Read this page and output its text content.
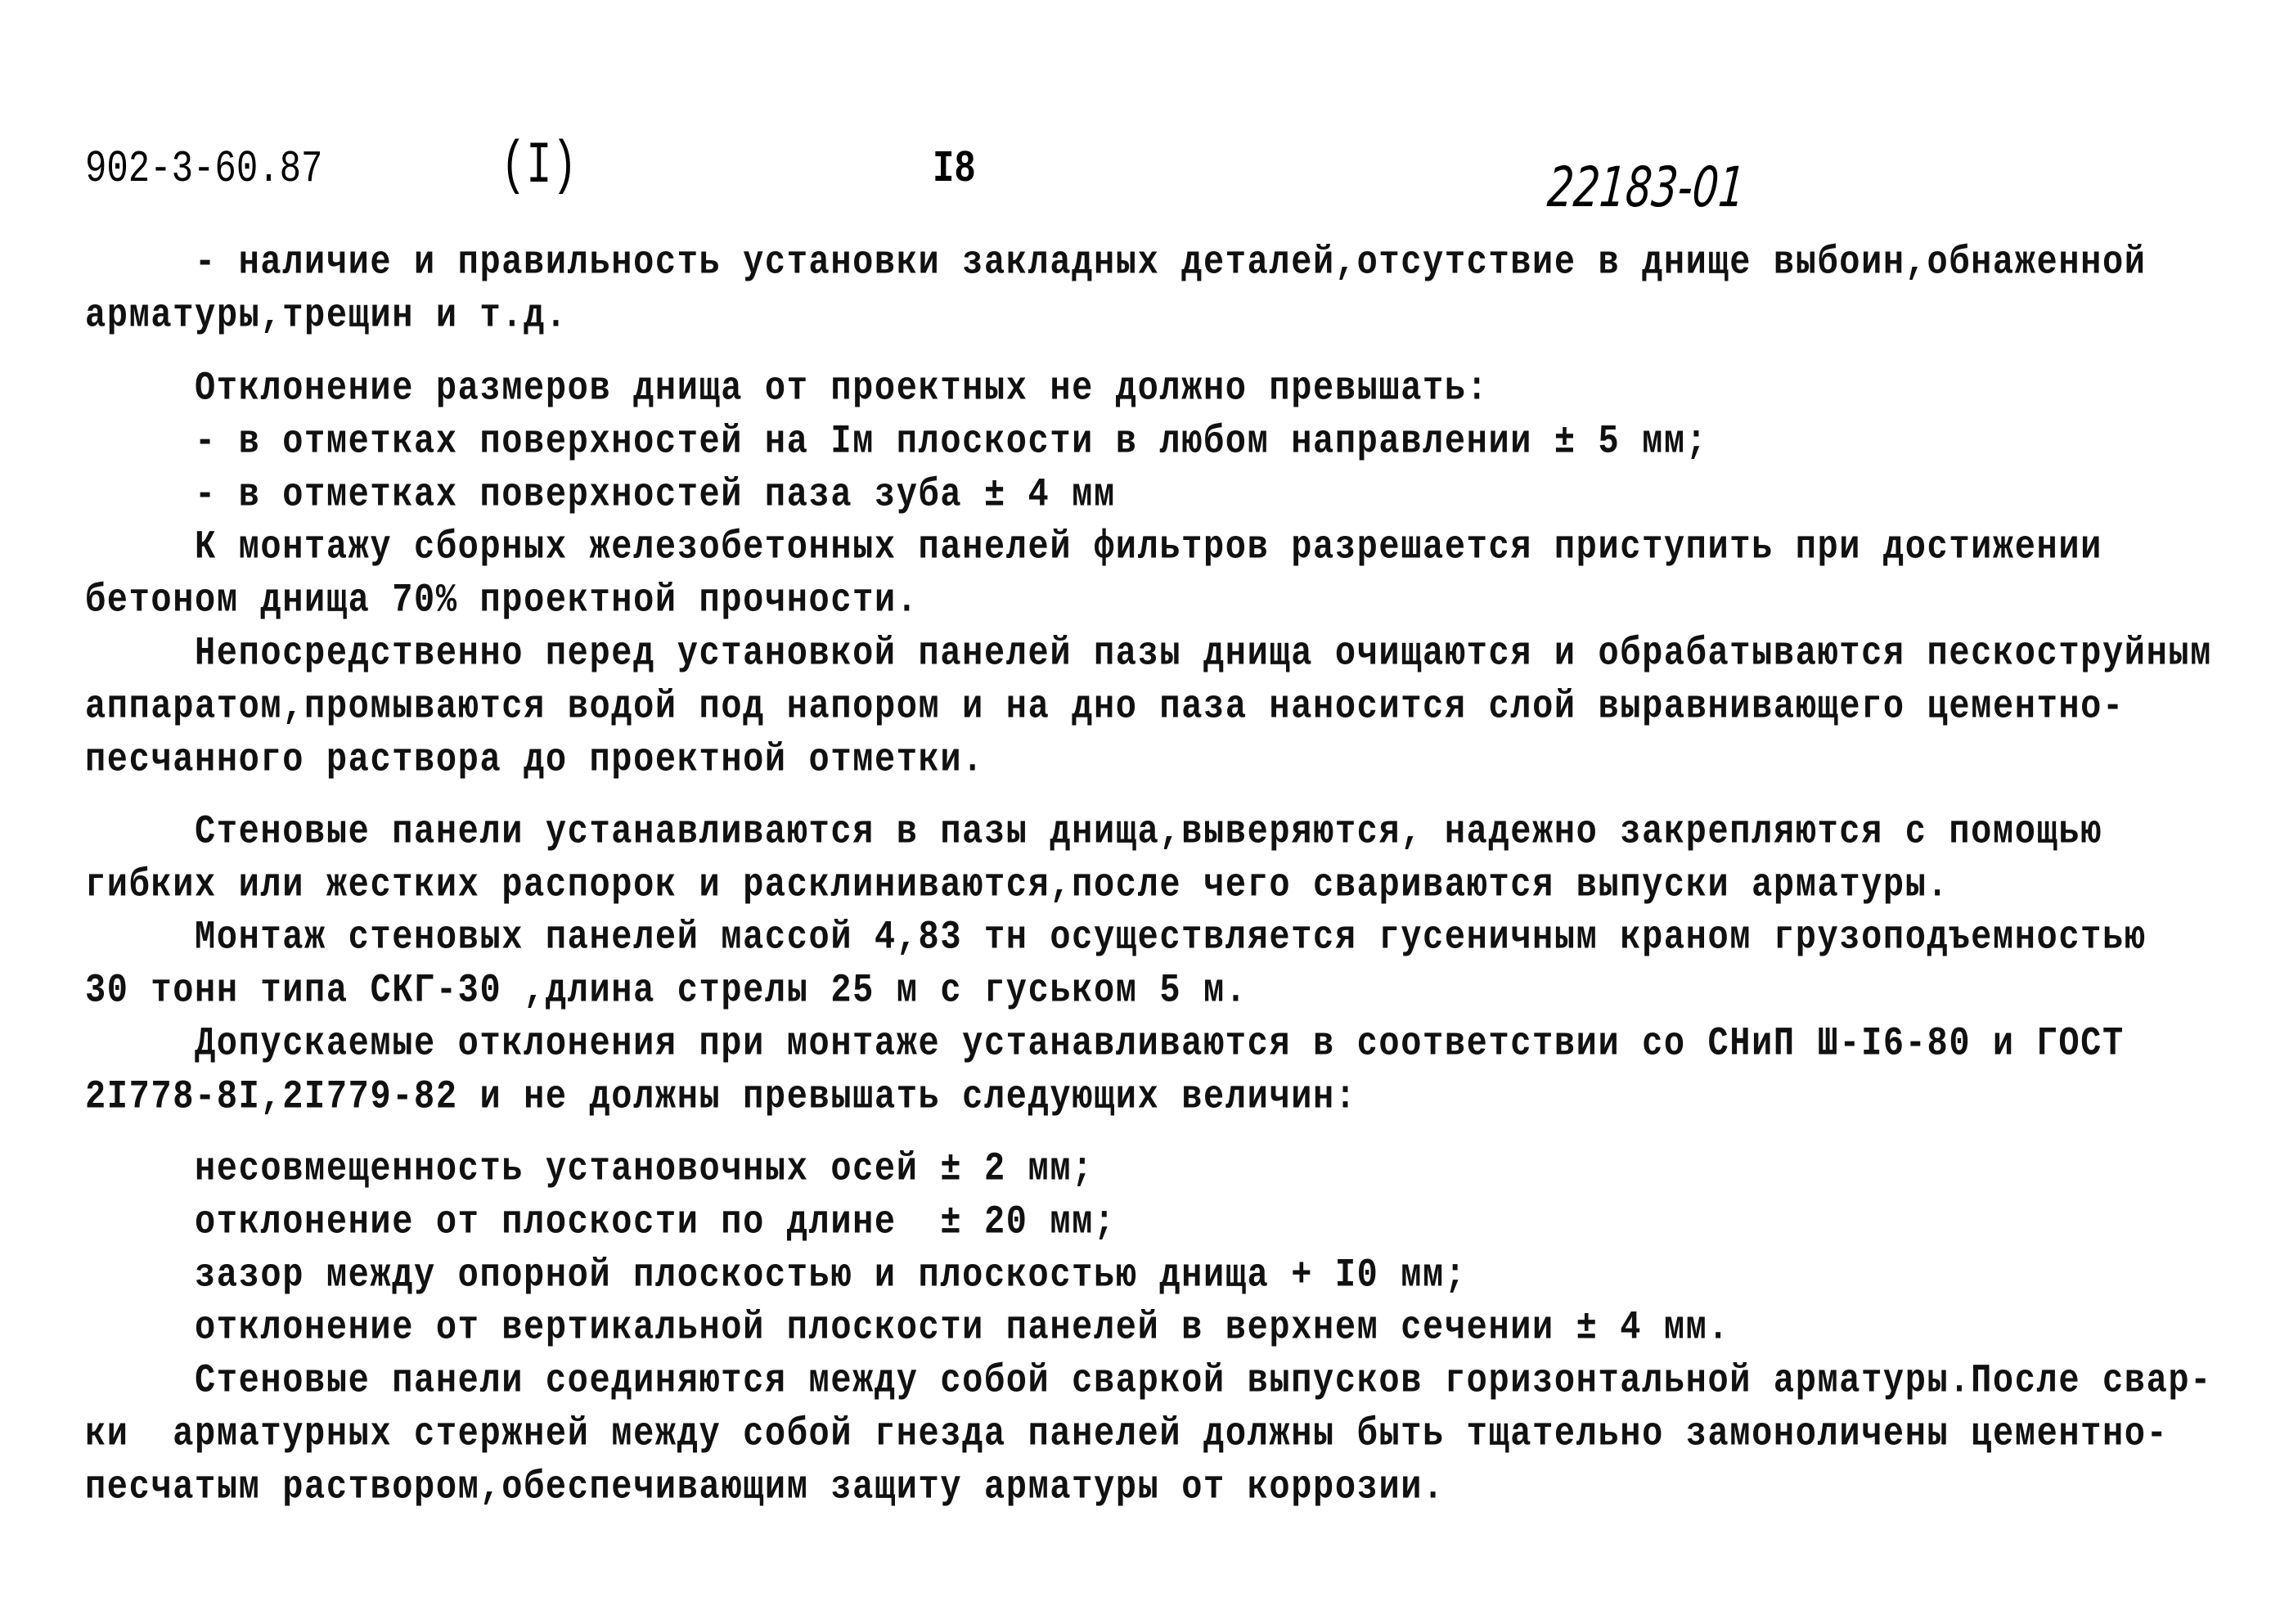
902-3-60.87	(I)	I8	22183-01
- наличие и правильность установки закладных деталей,отсутствие в днище выбоин,обнаженной
арматуры,трещин и т.д.
Отклонение размеров днища от проектных не должно превышать:
- в отметках поверхностей на Iм плоскости в любом направлении ± 5 мм;
- в отметках поверхностей паза зуба ± 4 мм
К монтажу сборных железобетонных панелей фильтров разрешается приступить при достижении
бетоном днища 70% проектной прочности.
Непосредственно перед установкой панелей пазы днища очищаются и обрабатываются пескоструйным
аппаратом,промываются водой под напором и на дно паза наносится слой выравнивающего цементно-
песчанного раствора до проектной отметки.
Стеновые панели устанавливаются в пазы днища,выверяются, надежно закрепляются с помощью
гибких или жестких распорок и расклиниваются,после чего свариваются выпуски арматуры.
Монтаж стеновых панелей массой 4,83 тн осуществляется гусеничным краном грузоподъемностью
30 тонн типа СКГ-30 ,длина стрелы 25 м с гуськом 5 м.
Допускаемые отклонения при монтаже устанавливаются в соответствии со СНиП Ш-I6-80 и ГОСТ
2I778-8I,2I779-82 и не должны превышать следующих величин:
несовмещенность установочных осей ± 2 мм;
отклонение от плоскости по длине  ± 20 мм;
зазор между опорной плоскостью и плоскостью днища + I0 мм;
отклонение от вертикальной плоскости панелей в верхнем сечении ± 4 мм.
Стеновые панели соединяются между собой сваркой выпусков горизонтальной арматуры.После свар-
ки  арматурных стержней между собой гнезда панелей должны быть тщательно замоноличены цементно-
песчатым раствором,обеспечивающим защиту арматуры от коррозии.
